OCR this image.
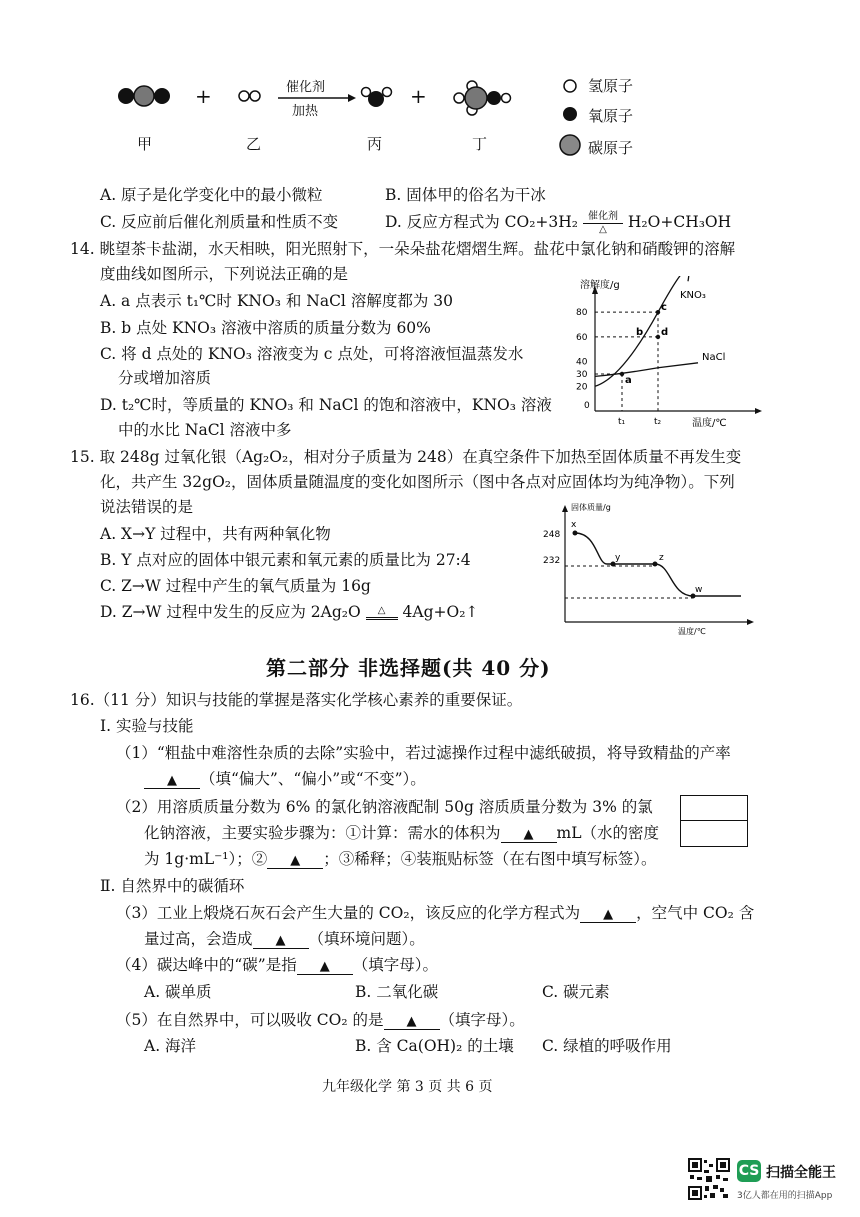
+	+
催化剂
加热
甲	乙	丙	丁
氢原子
氧原子
碳原子
A. 原子是化学变化中的最小微粒	B. 固体甲的俗名为干冰
C. 反应前后催化剂质量和性质不变	D. 反应方程式为 CO₂+3H₂ 催化剂
△	H₂O+CH₃OH
14. 眺望茶卡盐湖，水天相映，阳光照射下，一朵朵盐花熠熠生辉。盐花中氯化钠和硝酸钾的溶解
度曲线如图所示，下列说法正确的是
A. a 点表示 t₁℃时 KNO₃ 和 NaCl 溶解度都为 30
B. b 点处 KNO₃ 溶液中溶质的质量分数为 60%
C. 将 d 点处的 KNO₃ 溶液变为 c 点处，可将溶液恒温蒸发水
分或增加溶质
D. t₂℃时，等质量的 KNO₃ 和 NaCl 的饱和溶液中，KNO₃ 溶液
中的水比 NaCl 溶液中多
溶解度/g
温度/℃
0
t₁	t₂
20
30
40
60
80
KNO₃
NaCl
a
b
c
d
15. 取 248g 过氧化银（Ag₂O₂，相对分子质量为 248）在真空条件下加热至固体质量不再发生变
化，共产生 32gO₂，固体质量随温度的变化如图所示（图中各点对应固体均为纯净物）。下列
说法错误的是
A. X→Y 过程中，共有两种氧化物
B. Y 点对应的固体中银元素和氧元素的质量比为 27:4
C. Z→W 过程中产生的氧气质量为 16g
D. Z→W 过程中发生的反应为 2Ag₂O	△	4Ag+O₂↑
固体质量/g
温度/℃
248
232
x
y	z
w
第二部分 非选择题(共 40 分)
16.（11 分）知识与技能的掌握是落实化学核心素养的重要保证。
Ⅰ. 实验与技能
（1）“粗盐中难溶性杂质的去除”实验中，若过滤操作过程中滤纸破损，将导致精盐的产率
▲ （填“偏大”、“偏小”或“不变”）。
（2）用溶质质量分数为 6% 的氯化钠溶液配制 50g 溶质质量分数为 3% 的氯
化钠溶液，主要实验步骤为：①计算：需水的体积为 ▲ mL（水的密度
为 1g·mL⁻¹）；② ▲ ；③稀释；④装瓶贴标签（在右图中填写标签）。
Ⅱ. 自然界中的碳循环
（3）工业上煅烧石灰石会产生大量的 CO₂，该反应的化学方程式为 ▲ ，空气中 CO₂ 含
量过高，会造成 ▲ （填环境问题）。
（4）碳达峰中的“碳”是指 ▲ （填字母）。
A. 碳单质	B. 二氧化碳	C. 碳元素
（5）在自然界中，可以吸收 CO₂ 的是 ▲ （填字母）。
A. 海洋	B. 含 Ca(OH)₂ 的土壤 C. 绿植的呼吸作用
九年级化学 第 3 页 共 6 页
CS 扫描全能王
3亿人都在用的扫描App
